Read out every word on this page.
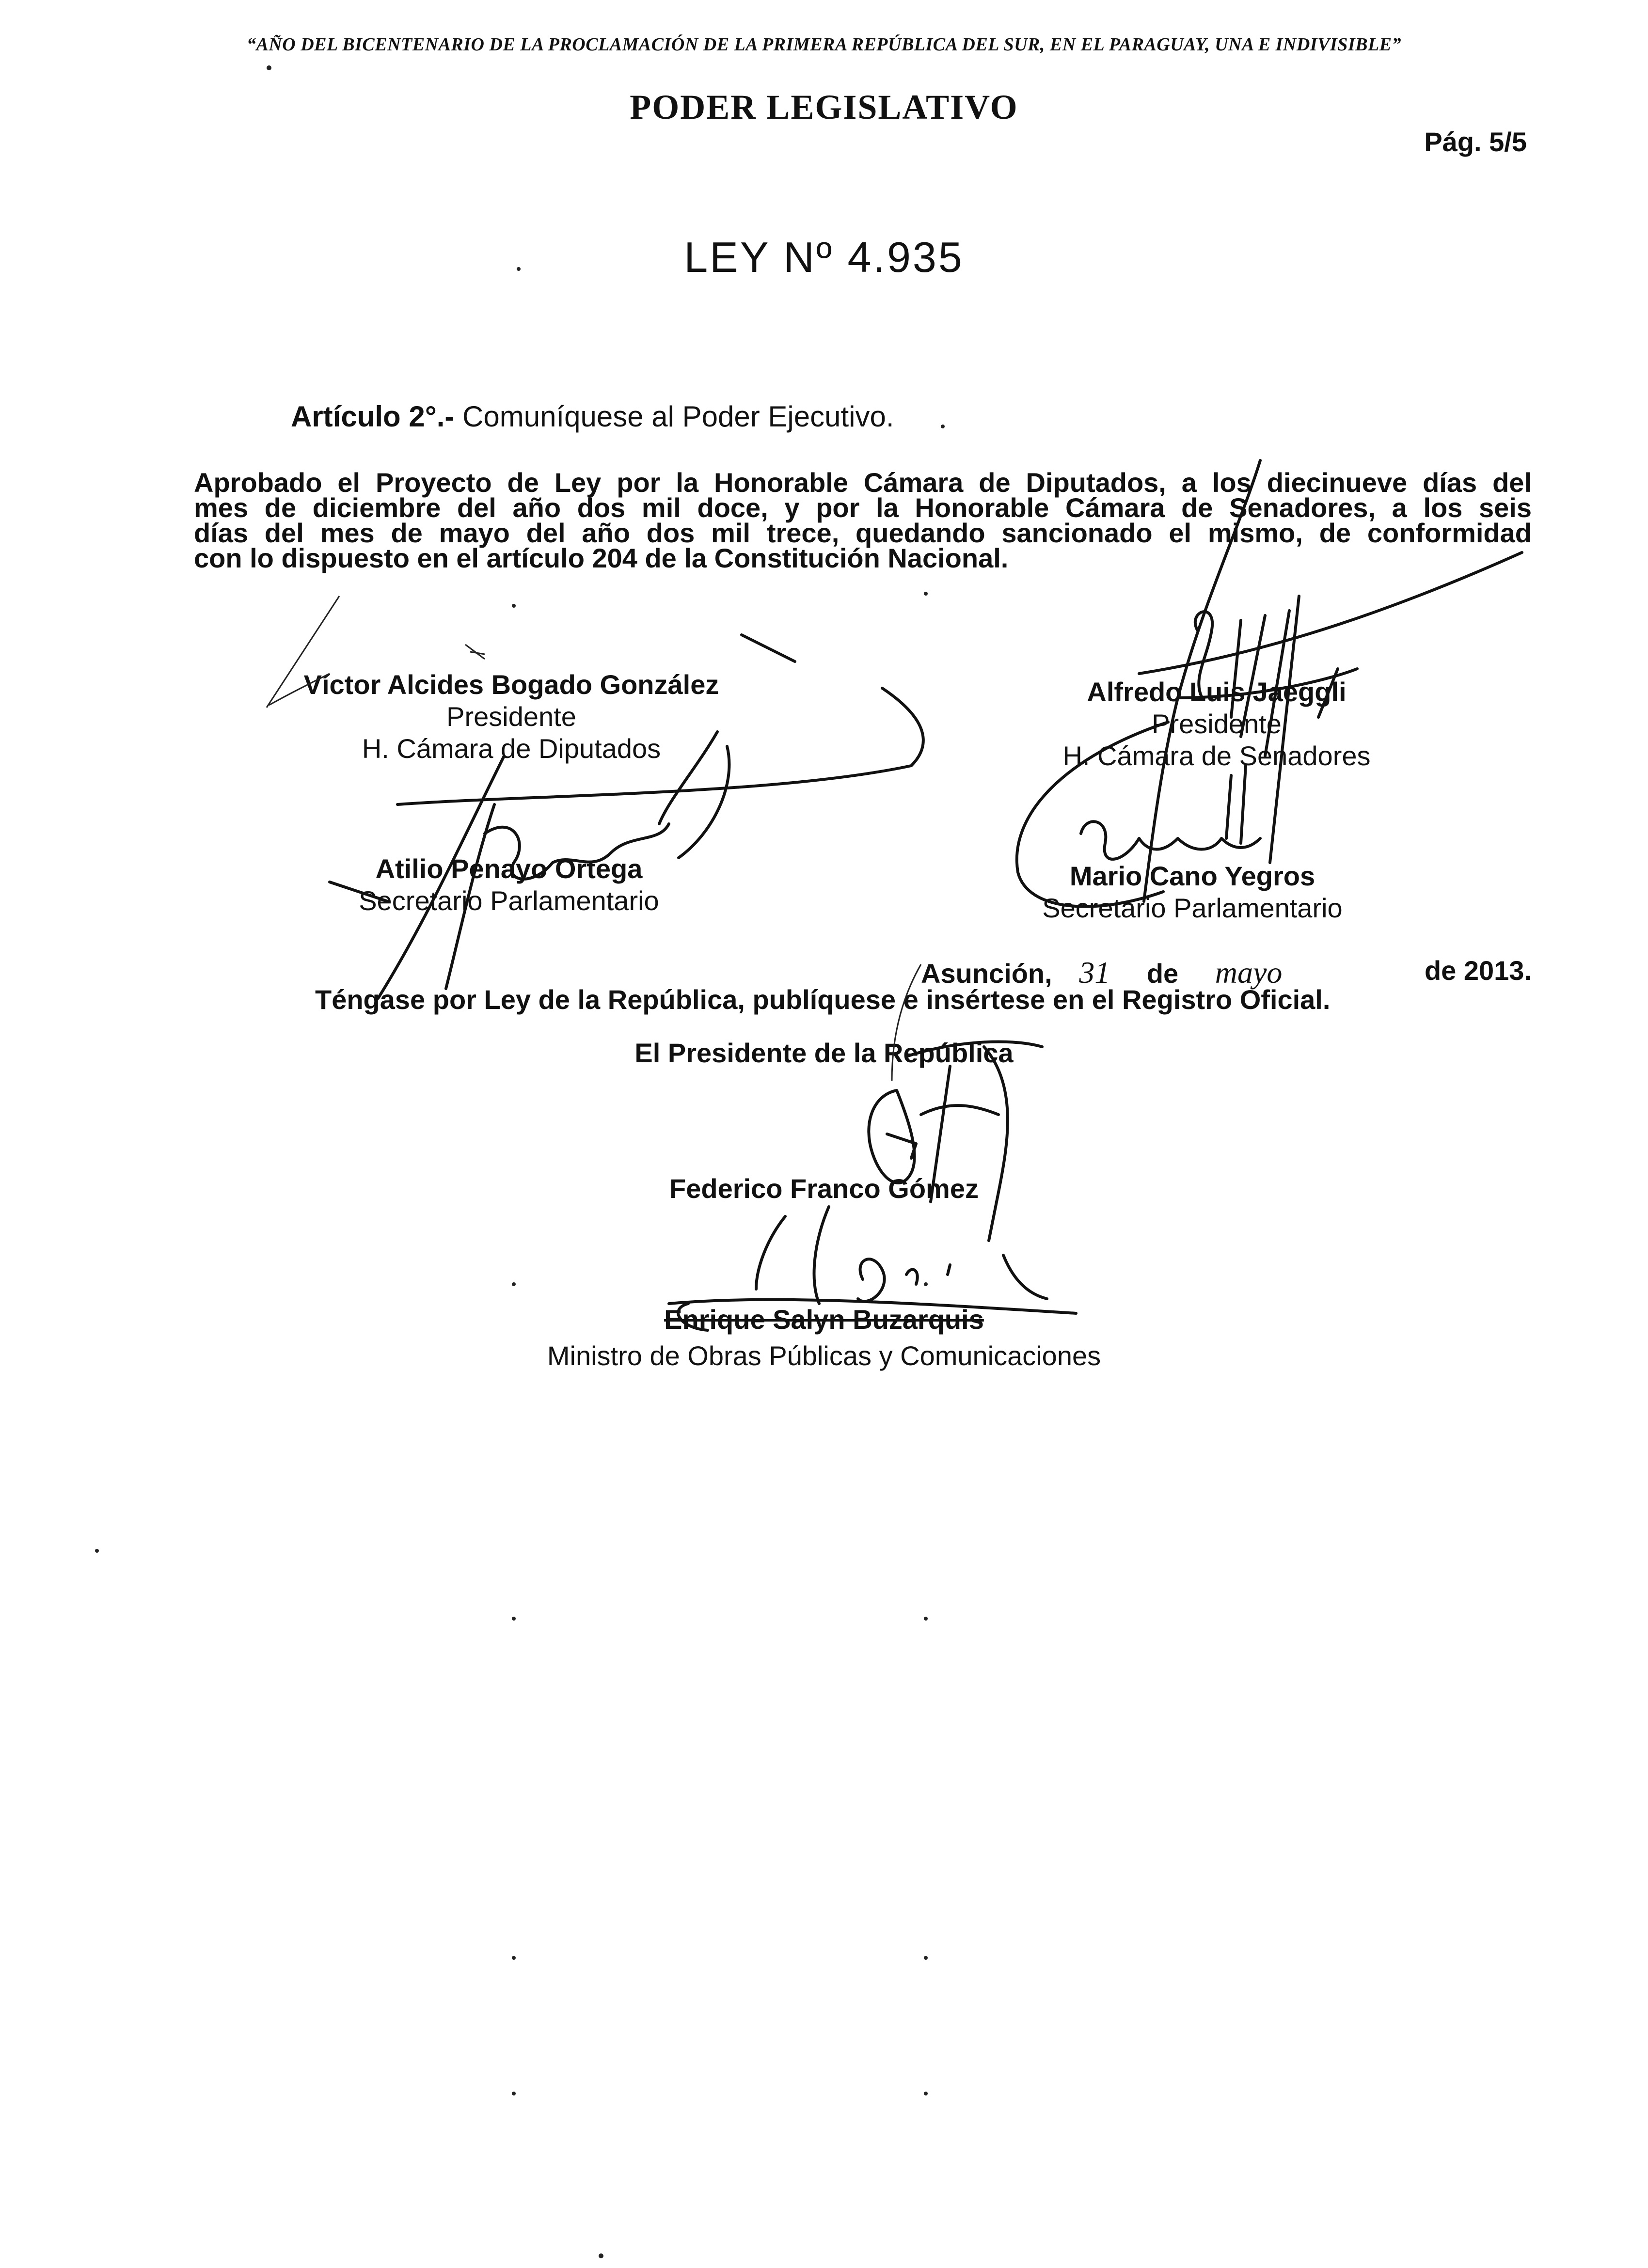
“AÑO DEL BICENTENARIO DE LA PROCLAMACIÓN DE LA PRIMERA REPÚBLICA DEL SUR, EN EL PARAGUAY, UNA E INDIVISIBLE”
PODER LEGISLATIVO
Pág. 5/5
LEY Nº 4.935
Artículo 2°.- Comuníquese al Poder Ejecutivo.
Aprobado el Proyecto de Ley por la Honorable Cámara de Diputados, a los diecinueve días del
mes de diciembre del año dos mil doce, y por la Honorable Cámara de Senadores, a los seis
días del mes de mayo del año dos mil trece, quedando sancionado el mismo, de conformidad
con lo dispuesto en el artículo 204 de la Constitución Nacional.
Víctor Alcides Bogado González
Presidente
H. Cámara de Diputados
Alfredo Luis Jaeggli
Presidente
H. Cámara de Senadores
Atilio Penayo Ortega
Secretario Parlamentario
Mario Cano Yegros
Secretario Parlamentario
Asunción, 31 de mayo	de 2013.
Téngase por Ley de la República, publíquese e insértese en el Registro Oficial.
El Presidente de la República
Federico Franco Gómez
Enrique Salyn Buzarquis
Ministro de Obras Públicas y Comunicaciones
